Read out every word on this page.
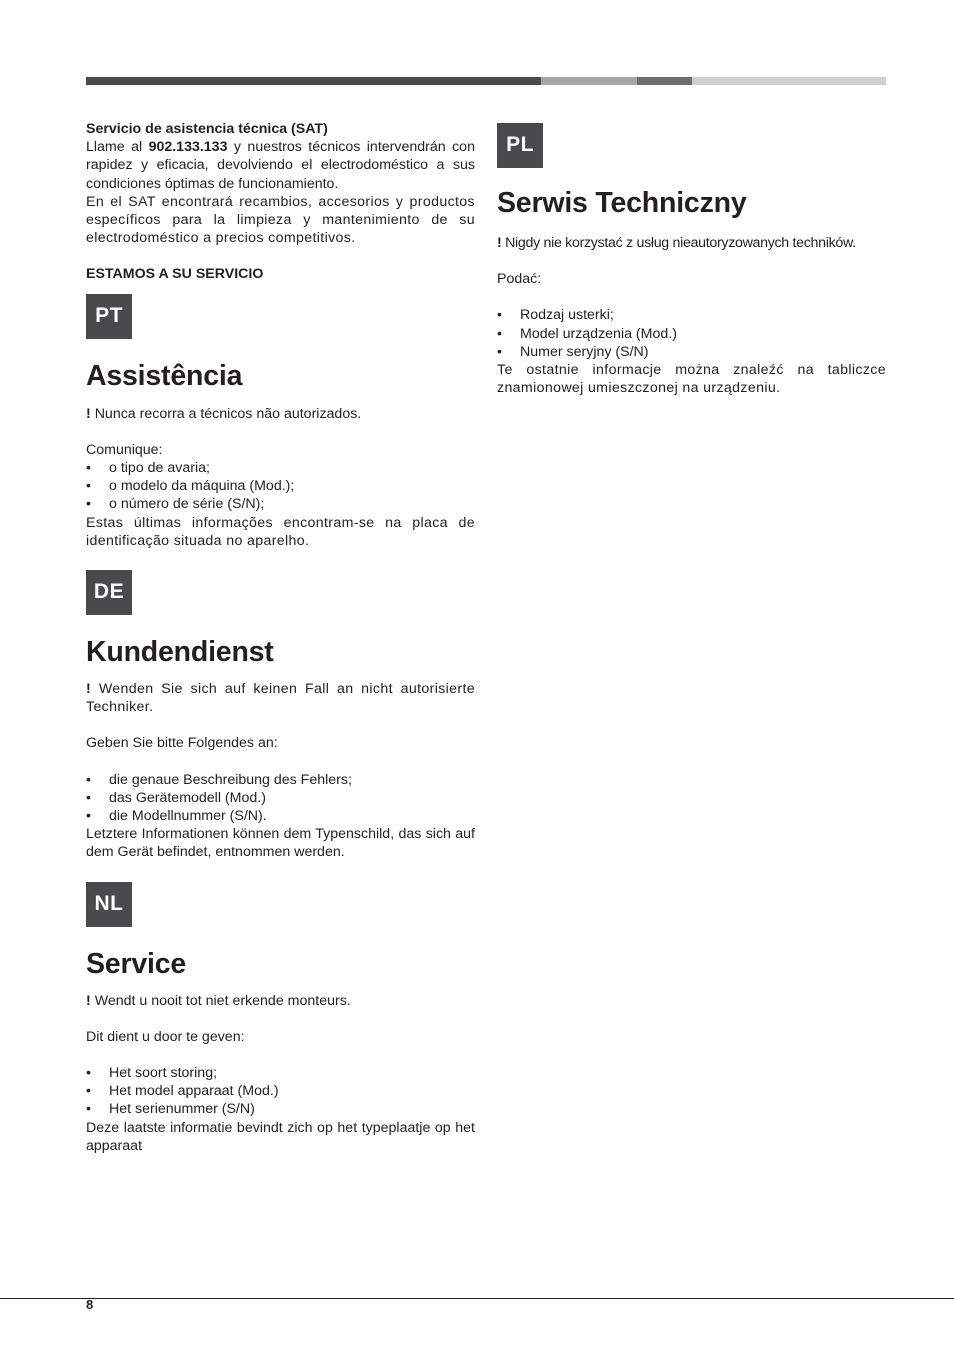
Servicio de asistencia técnica (SAT)

Llame al 902.133.133 y nuestros técnicos intervendrán con rapidez y eficacia, devolviendo el electrodoméstico a sus condiciones óptimas de funcionamiento.

En el SAT encontrará recambios, accesorios y productos específicos para la limpieza y mantenimiento de su electrodoméstico a precios competitivos.

ESTAMOS A SU SERVICIO

PT
Assistência

! Nunca recorra a técnicos não autorizados.

Comunique:

• o tipo de avaria;
• o modelo da máquina (Mod.);
• o número de série (S/N);

Estas últimas informações encontram-se na placa de identificação situada no aparelho.

DE
Kundendienst

! Wenden Sie sich auf keinen Fall an nicht autorisierte Techniker.

Geben Sie bitte Folgendes an:

• die genaue Beschreibung des Fehlers;
• das Gerätemodell (Mod.)
• die Modellnummer (S/N).

Letztere Informationen können dem Typenschild, das sich auf dem Gerät befindet, entnommen werden.

NL
Service

! Wendt u nooit tot niet erkende monteurs.

Dit dient u door te geven:

• Het soort storing;
• Het model apparaat (Mod.)
• Het serienummer (S/N)

Deze laatste informatie bevindt zich op het typeplaatje op het apparaat

PL
Serwis Techniczny

! Nigdy nie korzystać z usług nieautoryzowanych techników.

Podać:

• Rodzaj usterki;
• Model urządzenia (Mod.)
• Numer seryjny (S/N)

Te ostatnie informacje można znaleźć na tabliczce znamionowej umieszczonej na urządzeniu.

8
